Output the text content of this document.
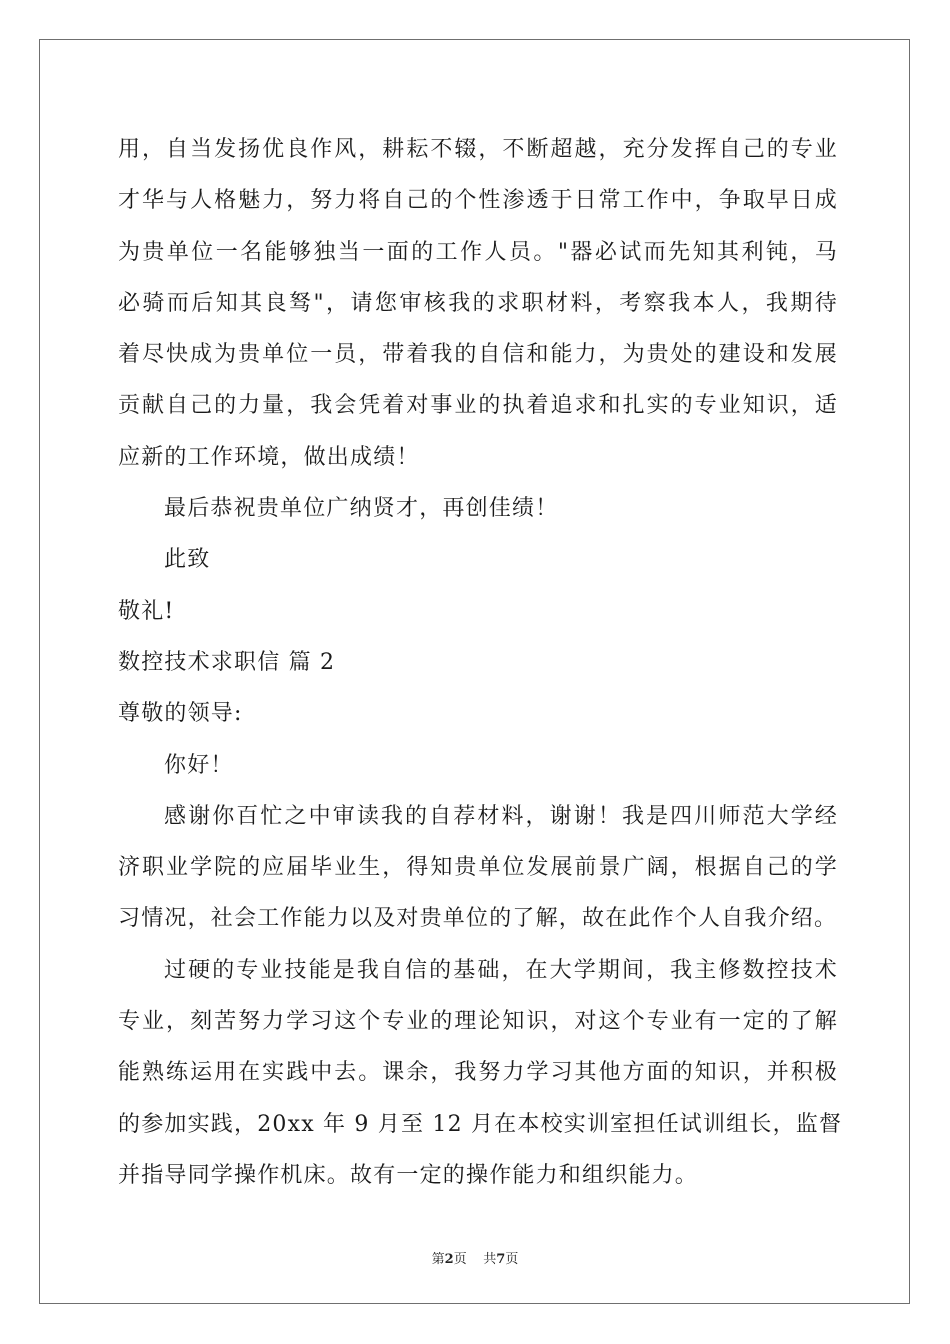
用，自当发扬优良作风，耕耘不辍，不断超越，充分发挥自己的专业
才华与人格魅力，努力将自己的个性渗透于日常工作中，争取早日成
为贵单位一名能够独当一面的工作人员。"器必试而先知其利钝，马
必骑而后知其良驽"，请您审核我的求职材料，考察我本人，我期待
着尽快成为贵单位一员，带着我的自信和能力，为贵处的建设和发展
贡献自己的力量，我会凭着对事业的执着追求和扎实的专业知识，适
应新的工作环境，做出成绩！
最后恭祝贵单位广纳贤才，再创佳绩！
此致
敬礼!
数控技术求职信 篇 2
尊敬的领导:
你好！
感谢你百忙之中审读我的自荐材料，谢谢！我是四川师范大学经
济职业学院的应届毕业生，得知贵单位发展前景广阔，根据自己的学
习情况，社会工作能力以及对贵单位的了解，故在此作个人自我介绍。
过硬的专业技能是我自信的基础，在大学期间，我主修数控技术
专业，刻苦努力学习这个专业的理论知识，对这个专业有一定的了解
能熟练运用在实践中去。课余，我努力学习其他方面的知识，并积极
的参加实践，20xx 年 9 月至 12 月在本校实训室担任试训组长，监督
并指导同学操作机床。故有一定的操作能力和组织能力。
第2页 共7页
